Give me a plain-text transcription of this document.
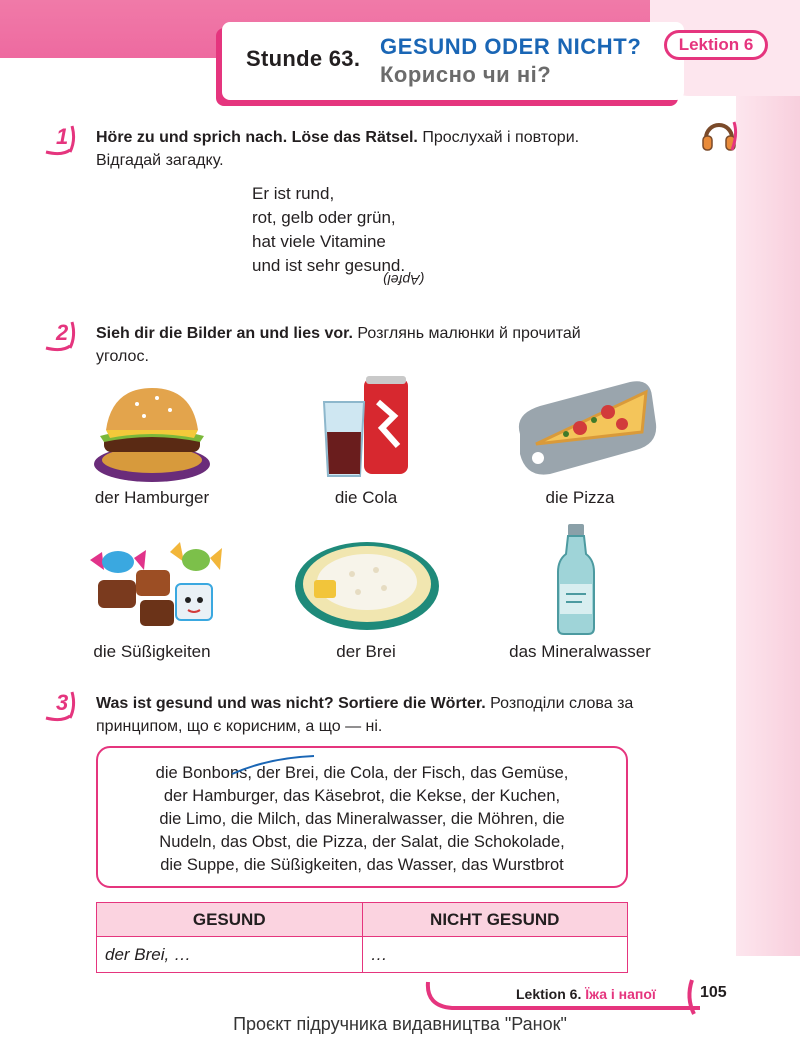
Stunde 63. GESUND ODER NICHT?
Корисно чи ні?
Lektion 6
1 Höre zu und sprich nach. Löse das Rätsel. Прослухай і повтори. Відгадай загадку.
Er ist rund,
rot, gelb oder grün,
hat viele Vitamine
und ist sehr gesund.
(Apfel)
2 Sieh dir die Bilder an und lies vor. Розглянь малюнки й прочитай уголос.
der Hamburger	die Cola	die Pizza
die Süßigkeiten	der Brei	das Mineralwasser
3 Was ist gesund und was nicht? Sortiere die Wörter. Розподіли слова за принципом, що є корисним, а що — ні.
die Bonbons, der Brei, die Cola, der Fisch, das Gemüse,
der Hamburger, das Käsebrot, die Kekse, der Kuchen,
die Limo, die Milch, das Mineralwasser, die Möhren, die
Nudeln, das Obst, die Pizza, der Salat, die Schokolade,
die Suppe, die Süßigkeiten, das Wasser, das Wurstbrot
GESUND	NICHT GESUND
der Brei, …	…
Lektion 6. Їжа і напої	105
Проєкт підручника видавництва "Ранок"
